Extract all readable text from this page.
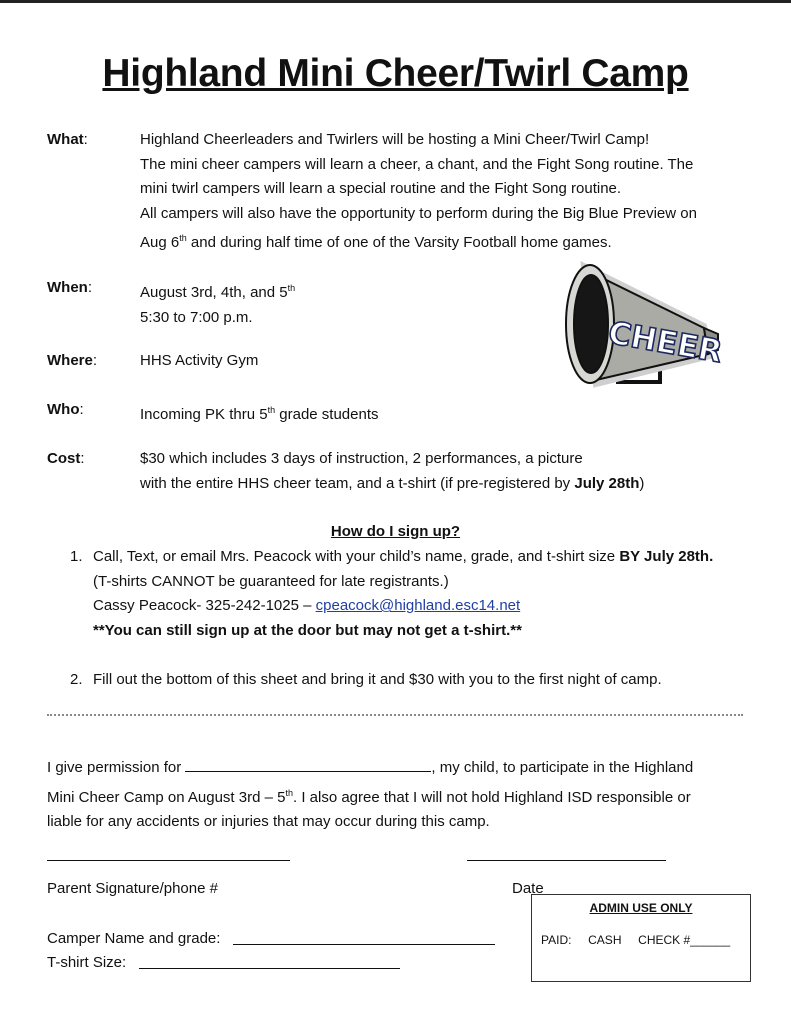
Highland Mini Cheer/Twirl Camp
What:	Highland Cheerleaders and Twirlers will be hosting a Mini Cheer/Twirl Camp!
The mini cheer campers will learn a cheer, a chant, and the Fight Song routine. The
mini twirl campers will learn a special routine and the Fight Song routine.
All campers will also have the opportunity to perform during the Big Blue Preview on
Aug 6th and during half time of one of the Varsity Football home games.
When:	August 3rd, 4th, and 5th
5:30 to 7:00 p.m.
Where:	HHS Activity Gym
Who:	Incoming PK thru 5th grade students
Cost:	$30 which includes 3 days of instruction, 2 performances, a picture
with the entire HHS cheer team, and a t-shirt (if pre-registered by July 28th)
CHEER
How do I sign up?
1. Call, Text, or email Mrs. Peacock with your child’s name, grade, and t-shirt size BY July 28th.
(T-shirts CANNOT be guaranteed for late registrants.)
Cassy Peacock- 325-242-1025 – cpeacock@highland.esc14.net
**You can still sign up at the door but may not get a t-shirt.**
2. Fill out the bottom of this sheet and bring it and $30 with you to the first night of camp.
I give permission for	, my child, to participate in the Highland
Mini Cheer Camp on August 3rd – 5th. I also agree that I will not hold Highland ISD responsible or
liable for any accidents or injuries that may occur during this camp.
Parent Signature/phone #	Date
Camper Name and grade:
T-shirt Size:
ADMIN USE ONLY
PAID: CASH CHECK #______
